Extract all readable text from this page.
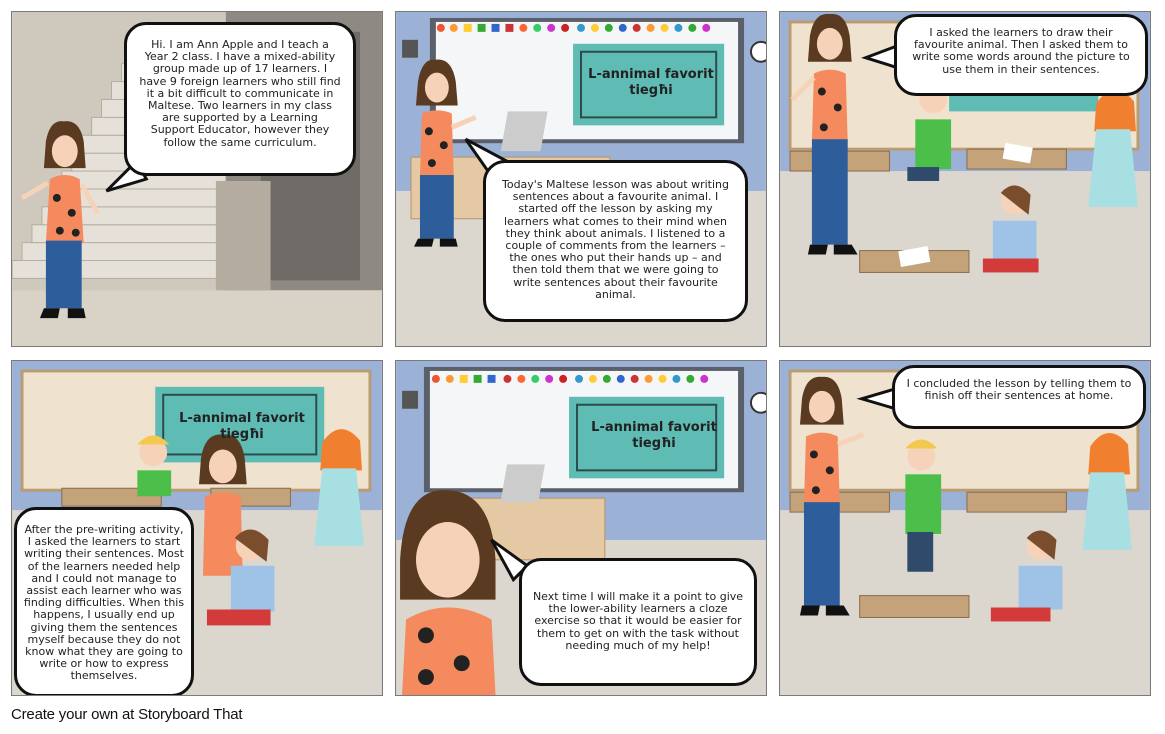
Hi. I am Ann Apple and I teach a Year 2 class. I have a mixed-ability group made up of 17 learners. I have 9 foreign learners who still find it a bit difficult to communicate in Maltese. Two learners in my class are supported by a Learning Support Educator, however they follow the same curriculum.
L-annimal favorit tiegħi
Today's Maltese lesson was about writing sentences about a favourite animal. I started off the lesson by asking my learners what comes to their mind when they think about animals. I listened to a couple of comments from the learners – the ones who put their hands up – and then told them that we were going to write sentences about their favourite animal.
I asked the learners to draw their favourite animal. Then I asked them to write some words around the picture to use them in their sentences.
L-annimal favorit tiegħi
After the pre-writing activity, I asked the learners to start writing their sentences. Most of the learners needed help and I could not manage to assist each learner who was finding difficulties. When this happens, I usually end up giving them the sentences myself because they do not know what they are going to write or how to express themselves.
L-annimal favorit tiegħi
Next time I will make it a point to give the lower-ability learners a cloze exercise so that it would be easier for them to get on with the task without needing much of my help!
I concluded the lesson by telling them to finish off their sentences at home.
Create your own at Storyboard That
